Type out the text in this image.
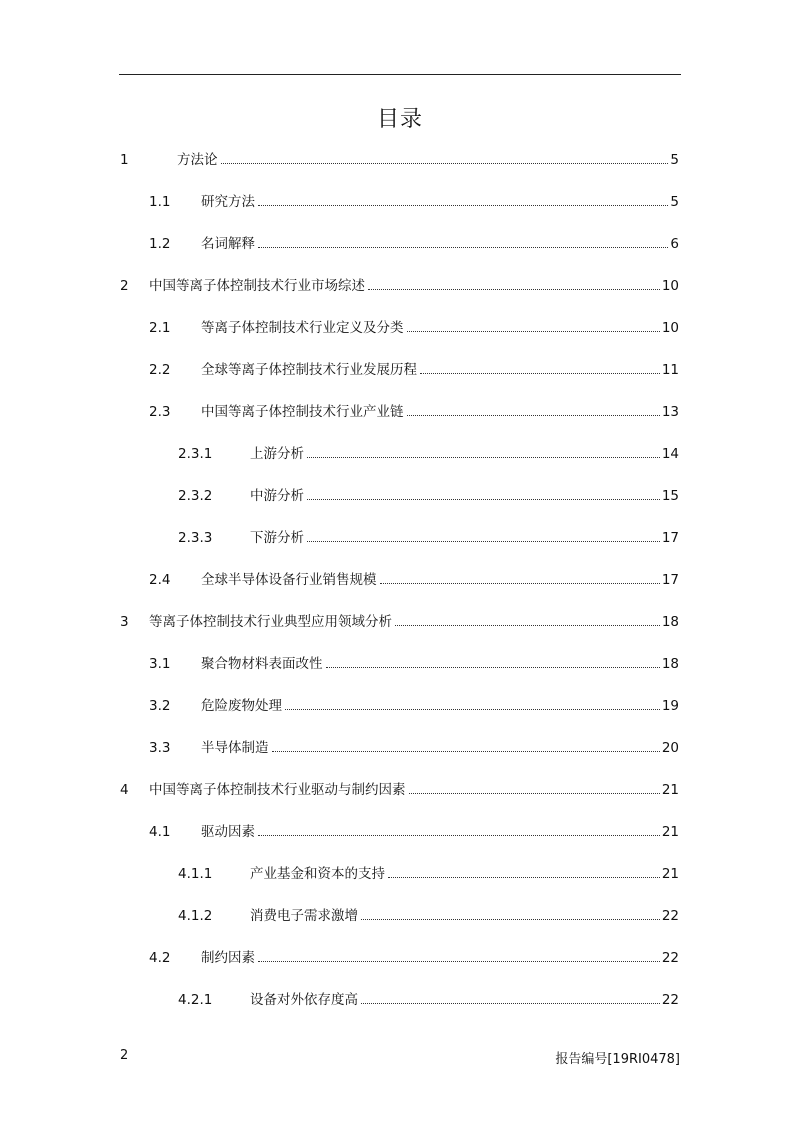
目录
1	方法论	5
1.1	研究方法	5
1.2	名词解释	6
2	中国等离子体控制技术行业市场综述	10
2.1	等离子体控制技术行业定义及分类	10
2.2	全球等离子体控制技术行业发展历程	11
2.3	中国等离子体控制技术行业产业链	13
2.3.1	上游分析	14
2.3.2	中游分析	15
2.3.3	下游分析	17
2.4	全球半导体设备行业销售规模	17
3	等离子体控制技术行业典型应用领域分析	18
3.1	聚合物材料表面改性	18
3.2	危险废物处理	19
3.3	半导体制造	20
4	中国等离子体控制技术行业驱动与制约因素	21
4.1	驱动因素	21
4.1.1	产业基金和资本的支持	21
4.1.2	消费电子需求激增	22
4.2	制约因素	22
4.2.1	设备对外依存度高	22
2	报告编号[19RI0478]
